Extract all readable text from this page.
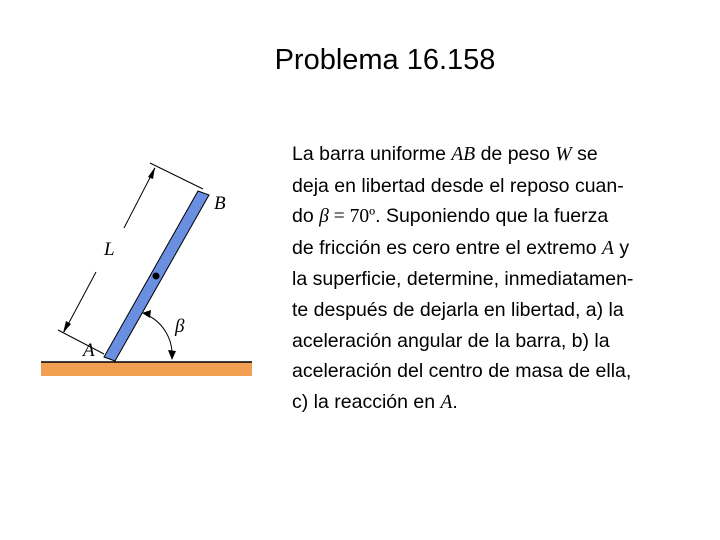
Problema 16.158
B
A
L
β
La barra uniforme AB de peso W se
deja en libertad desde el reposo cuan-
do β = 70º. Suponiendo que la fuerza
de fricción es cero entre el extremo A y
la superficie, determine, inmediatamen-
te después de dejarla en libertad, a) la
aceleración angular de la barra, b) la
aceleración del centro de masa de ella,
c) la reacción en A.
